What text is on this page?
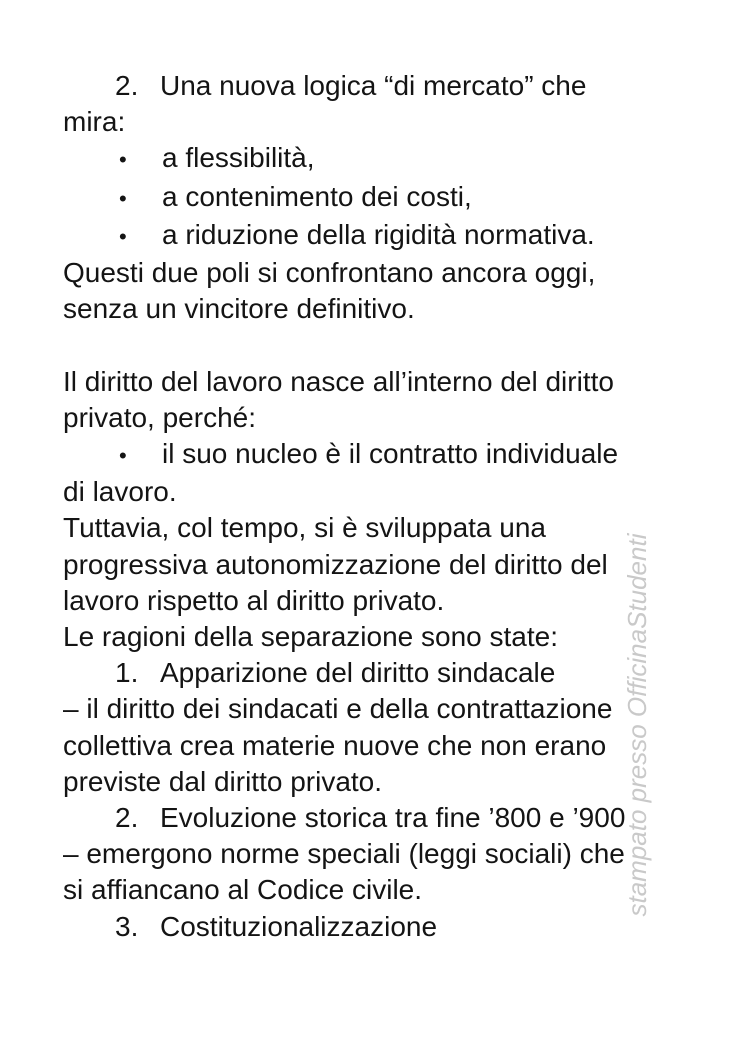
stampato presso OfficinaStudenti
2. Una nuova logica “di mercato” che
mira:
• a flessibilità,
• a contenimento dei costi,
• a riduzione della rigidità normativa.
Questi due poli si confrontano ancora oggi,
senza un vincitore definitivo.
Il diritto del lavoro nasce all’interno del diritto
privato, perché:
• il suo nucleo è il contratto individuale
di lavoro.
Tuttavia, col tempo, si è sviluppata una
progressiva autonomizzazione del diritto del
lavoro rispetto al diritto privato.
Le ragioni della separazione sono state:
1. Apparizione del diritto sindacale
– il diritto dei sindacati e della contrattazione
collettiva crea materie nuove che non erano
previste dal diritto privato.
2. Evoluzione storica tra fine ’800 e ’900
– emergono norme speciali (leggi sociali) che
si affiancano al Codice civile.
3. Costituzionalizzazione
